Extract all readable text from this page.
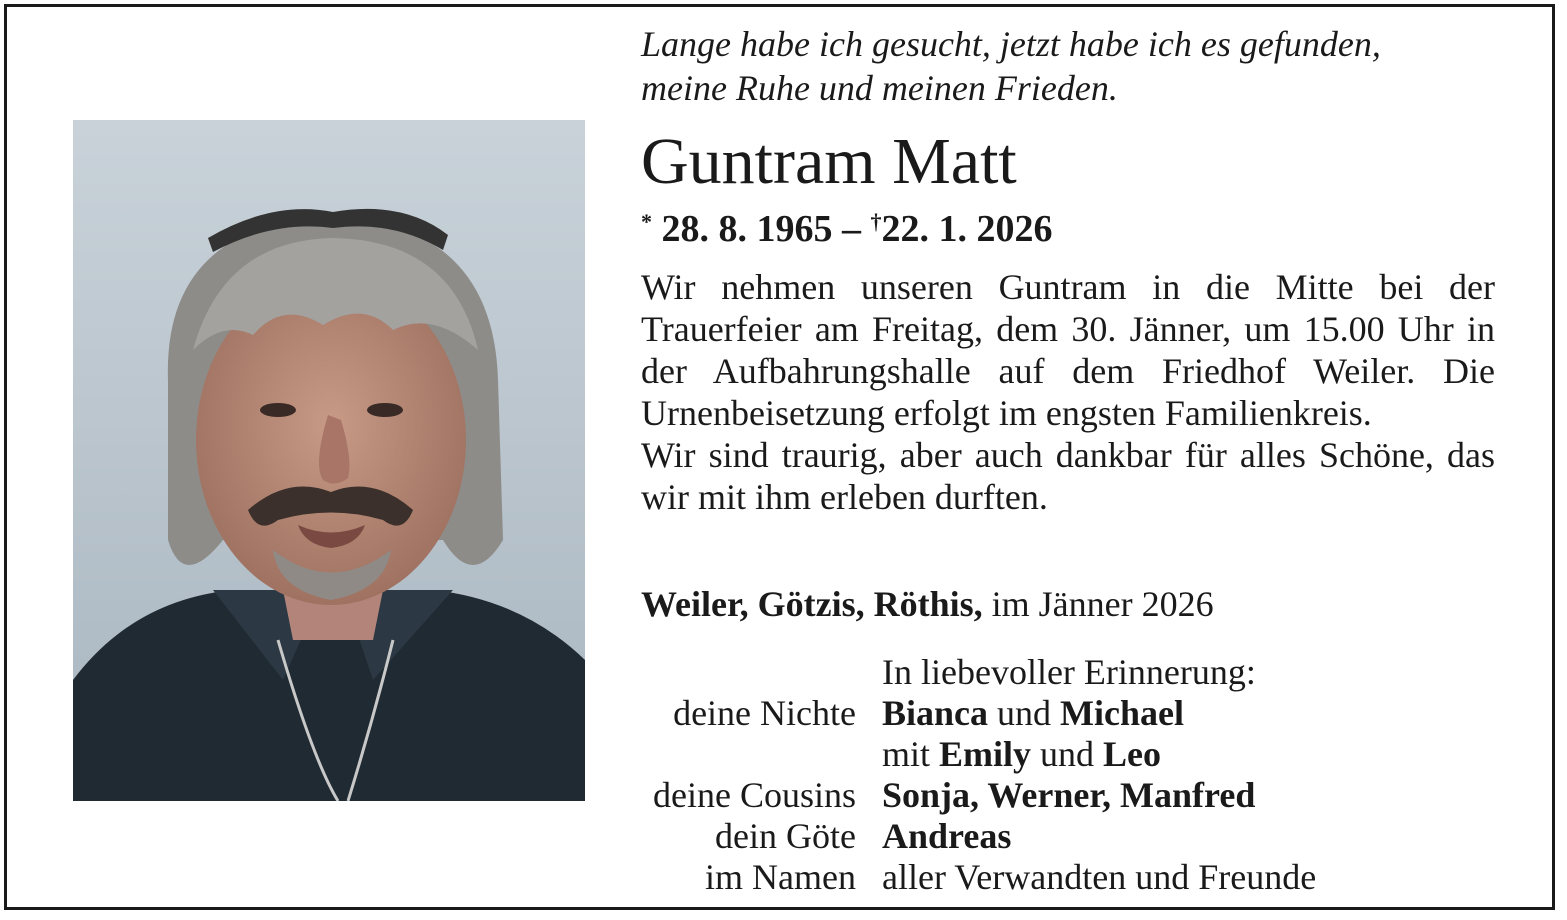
Lange habe ich gesucht, jetzt habe ich es gefunden,
meine Ruhe und meinen Frieden.
Guntram Matt
* 28. 8. 1965 – †22. 1. 2026

Wir nehmen unseren Guntram in die Mitte bei der Trauerfeier am Freitag, dem 30. Jänner, um 15.00 Uhr in der Aufbahrungshalle auf dem Friedhof Weiler. Die Urnenbeisetzung erfolgt im engsten Familienkreis.

Wir sind traurig, aber auch dankbar für alles Schöne, das wir mit ihm erleben durften.

Weiler, Götzis, Röthis, im Jänner 2026
In liebevoller Erinnerung:
deine Nichte Bianca und Michael
mit Emily und Leo
deine Cousins Sonja, Werner, Manfred
dein Göte Andreas
im Namen aller Verwandten und Freunde
